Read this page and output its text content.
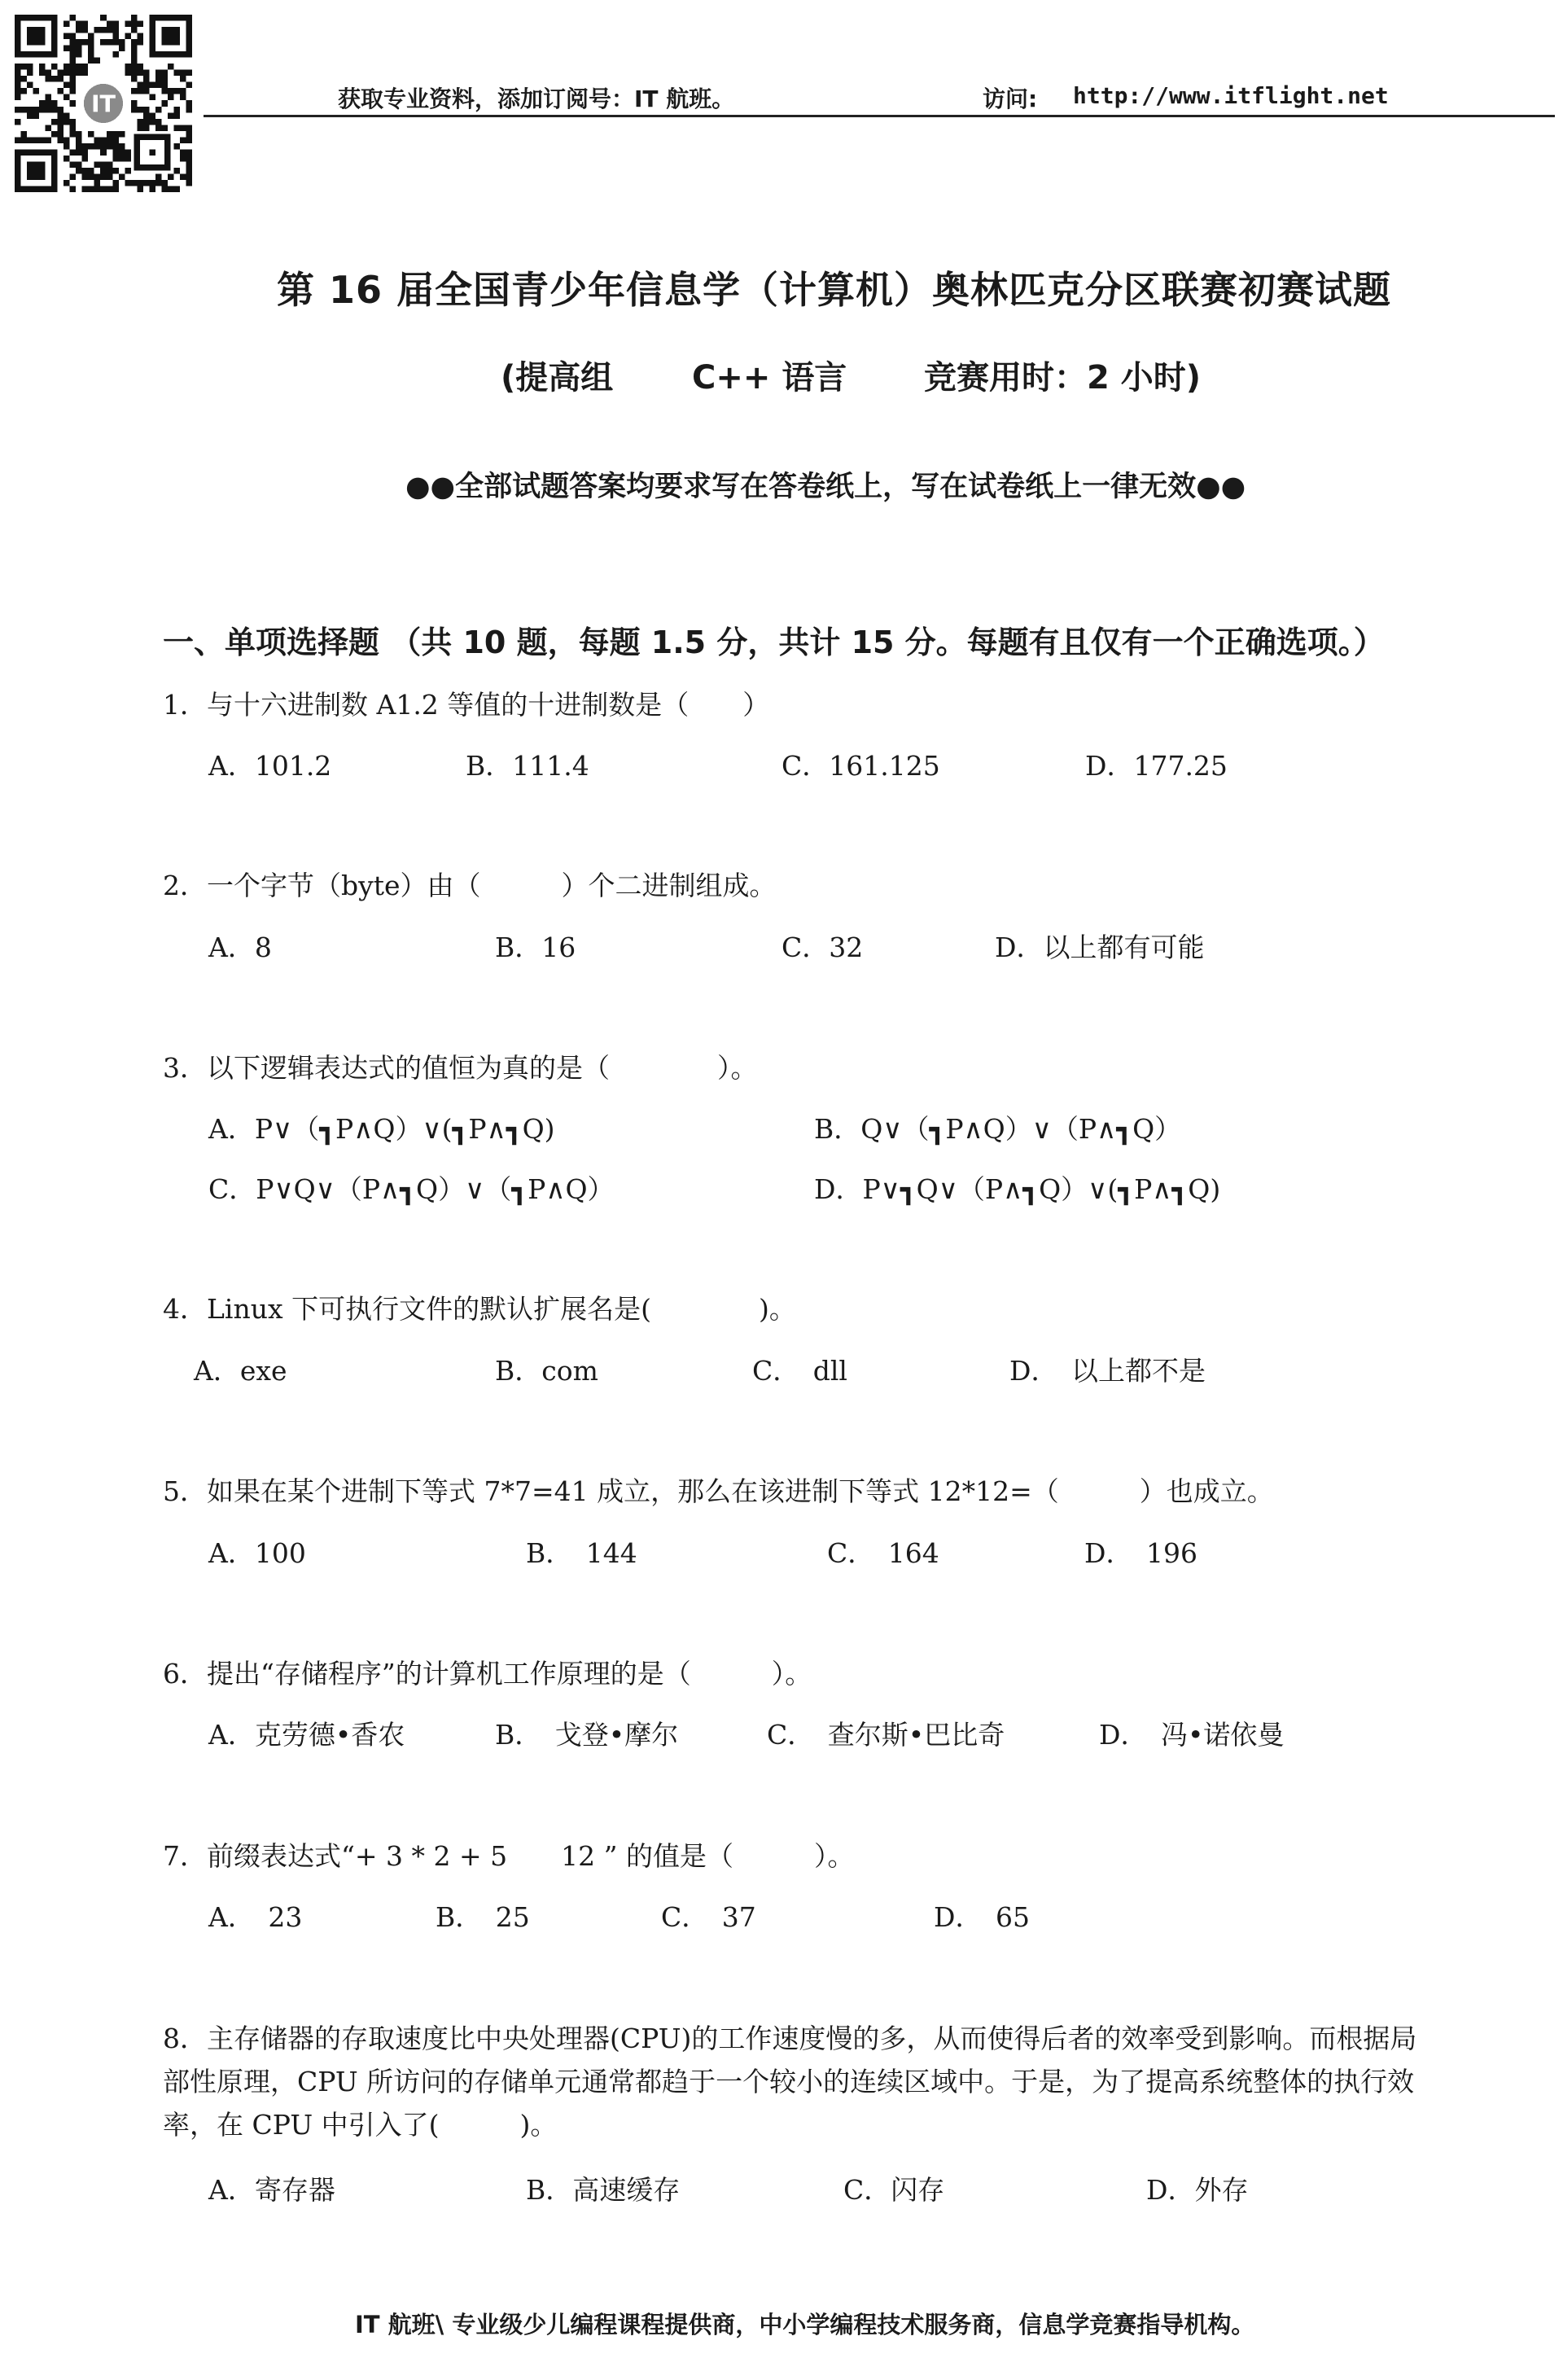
IT	获取专业资料，添加订阅号：IT 航班。	访问: http://www.itflight.net
第 16 届全国青少年信息学（计算机）奥林匹克分区联赛初赛试题
(提高组 C++ 语言 竞赛用时：2 小时)
●●全部试题答案均要求写在答卷纸上，写在试卷纸上一律无效●●
一、单项选择题 （共 10 题，每题 1.5 分，共计 15 分。每题有且仅有一个正确选项。）
1．与十六进制数 A1.2 等值的十进制数是（　　）
A．101.2	B．111.4	C．161.125	D．177.25
2．一个字节（byte）由（　　　）个二进制组成。
A．8	B．16	C．32	D．以上都有可能
3．以下逻辑表达式的值恒为真的是（　　　　）。
A．P∨（┓P∧Q）∨(┓P∧┓Q)	B．Q∨（┓P∧Q）∨（P∧┓Q）
C．P∨Q∨（P∧┓Q）∨（┓P∧Q）	D．P∨┓Q∨（P∧┓Q）∨(┓P∧┓Q)
4．Linux 下可执行文件的默认扩展名是(　　　　)。
A．exe	B．com	C．　dll	D．　以上都不是
5．如果在某个进制下等式 7*7=41 成立，那么在该进制下等式 12*12=（　　　）也成立。
A．100	B．　144	C．　164	D．　196
6．提出“存储程序”的计算机工作原理的是（　　　）。
A．克劳德•香农	B．　戈登•摩尔	C．　查尔斯•巴比奇	D．　冯•诺依曼
7．前缀表达式“+ 3 * 2 + 5　　12 ” 的值是（　　　）。
A．　23	B．　25	C．　37	D．　65
8．主存储器的存取速度比中央处理器(CPU)的工作速度慢的多，从而使得后者的效率受到影响。而根据局
部性原理，CPU 所访问的存储单元通常都趋于一个较小的连续区域中。于是，为了提高系统整体的执行效
率，在 CPU 中引入了(　　　)。
A．寄存器	B．高速缓存	C．闪存	D．外存
IT 航班\ 专业级少儿编程课程提供商，中小学编程技术服务商，信息学竞赛指导机构。
